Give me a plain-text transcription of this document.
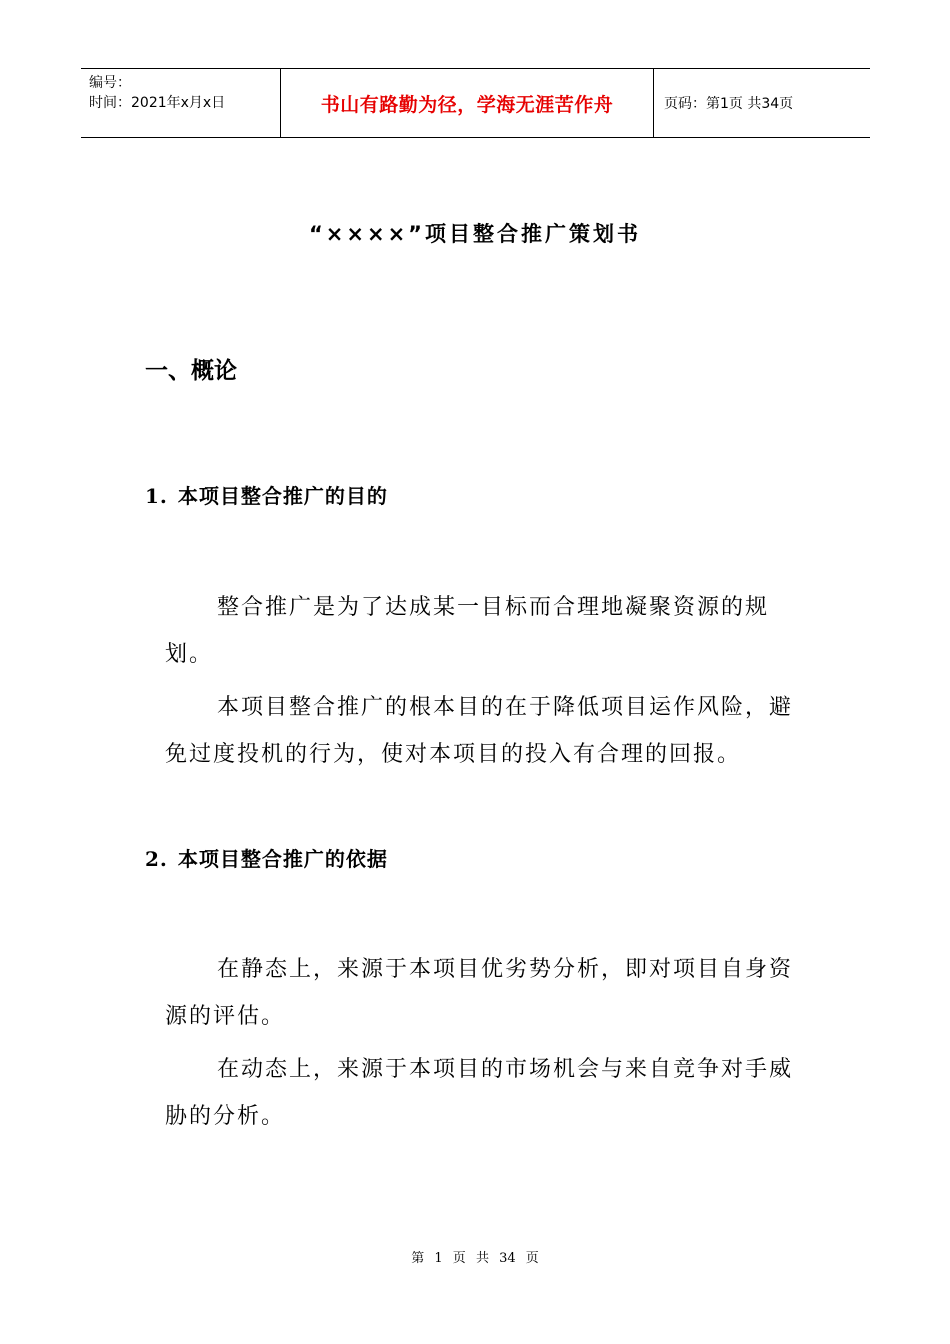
编号：
时间：2021年x月x日	书山有路勤为径，学海无涯苦作舟	页码：第1页 共34页
“××××”项目整合推广策划书
一、概论
1. 本项目整合推广的目的
整合推广是为了达成某一目标而合理地凝聚资源的规划。
本项目整合推广的根本目的在于降低项目运作风险，避免过度投机的行为，使对本项目的投入有合理的回报。
2. 本项目整合推广的依据
在静态上，来源于本项目优劣势分析，即对项目自身资源的评估。
在动态上，来源于本项目的市场机会与来自竞争对手威胁的分析。
第 1 页 共 34 页
